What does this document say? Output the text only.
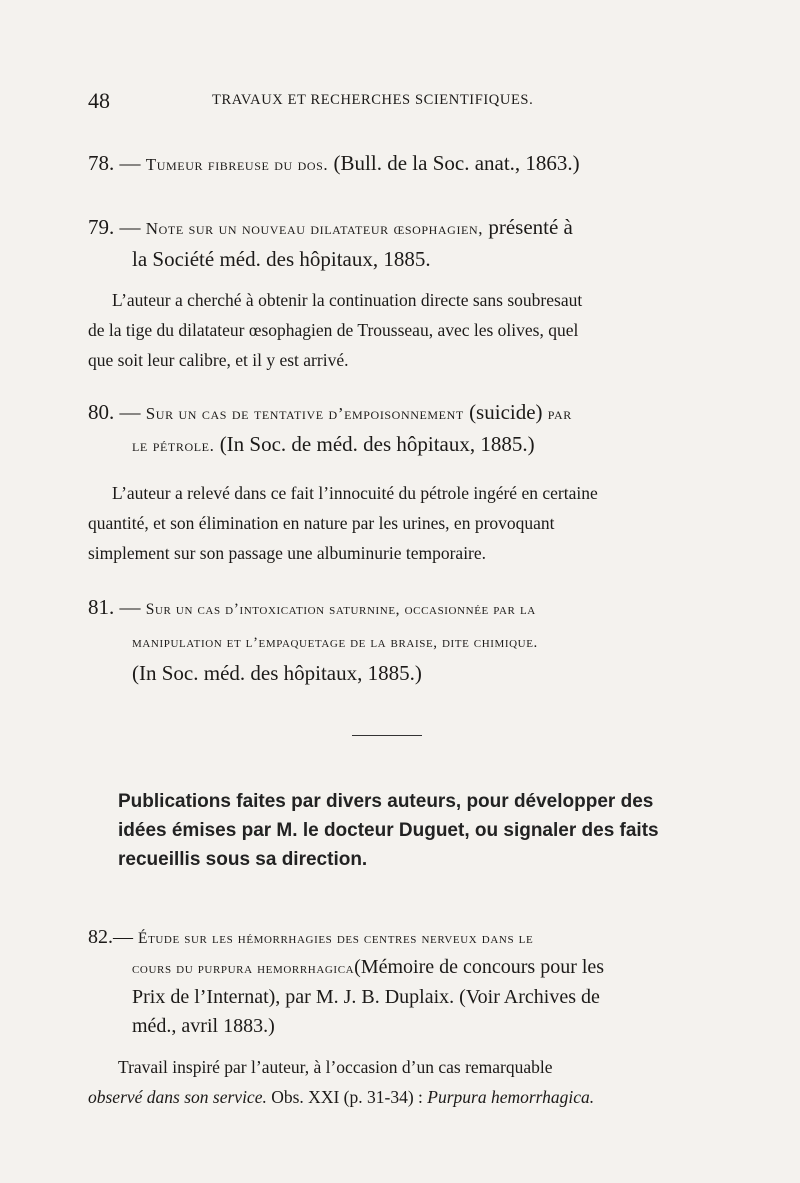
48	TRAVAUX ET RECHERCHES SCIENTIFIQUES.
78. — Tumeur fibreuse du dos. (Bull. de la Soc. anat., 1863.)
79. — Note sur un nouveau dilatateur œsophagien, présenté à
la Société méd. des hôpitaux, 1885.
L’auteur a cherché à obtenir la continuation directe sans soubresaut
de la tige du dilatateur œsophagien de Trousseau, avec les olives, quel
que soit leur calibre, et il y est arrivé.
80. — Sur un cas de tentative d’empoisonnement (suicide) par
le pétrole. (In Soc. de méd. des hôpitaux, 1885.)
L’auteur a relevé dans ce fait l’innocuité du pétrole ingéré en certaine
quantité, et son élimination en nature par les urines, en provoquant
simplement sur son passage une albuminurie temporaire.
81. — Sur un cas d’intoxication saturnine, occasionnée par la
manipulation et l’empaquetage de la braise, dite chimique.
(In Soc. méd. des hôpitaux, 1885.)
Publications faites par divers auteurs, pour développer des
idées émises par M. le docteur Duguet, ou signaler des faits
recueillis sous sa direction.
82.— Étude sur les hémorrhagies des centres nerveux dans le
cours du purpura hemorrhagica(Mémoire de concours pour les
Prix de l’Internat), par M. J. B. Duplaix. (Voir Archives de
méd., avril 1883.)
Travail inspiré par l’auteur, à l’occasion d’un cas remarquable
observé dans son service. Obs. XXI (p. 31-34) : Purpura hemorrhagica.
